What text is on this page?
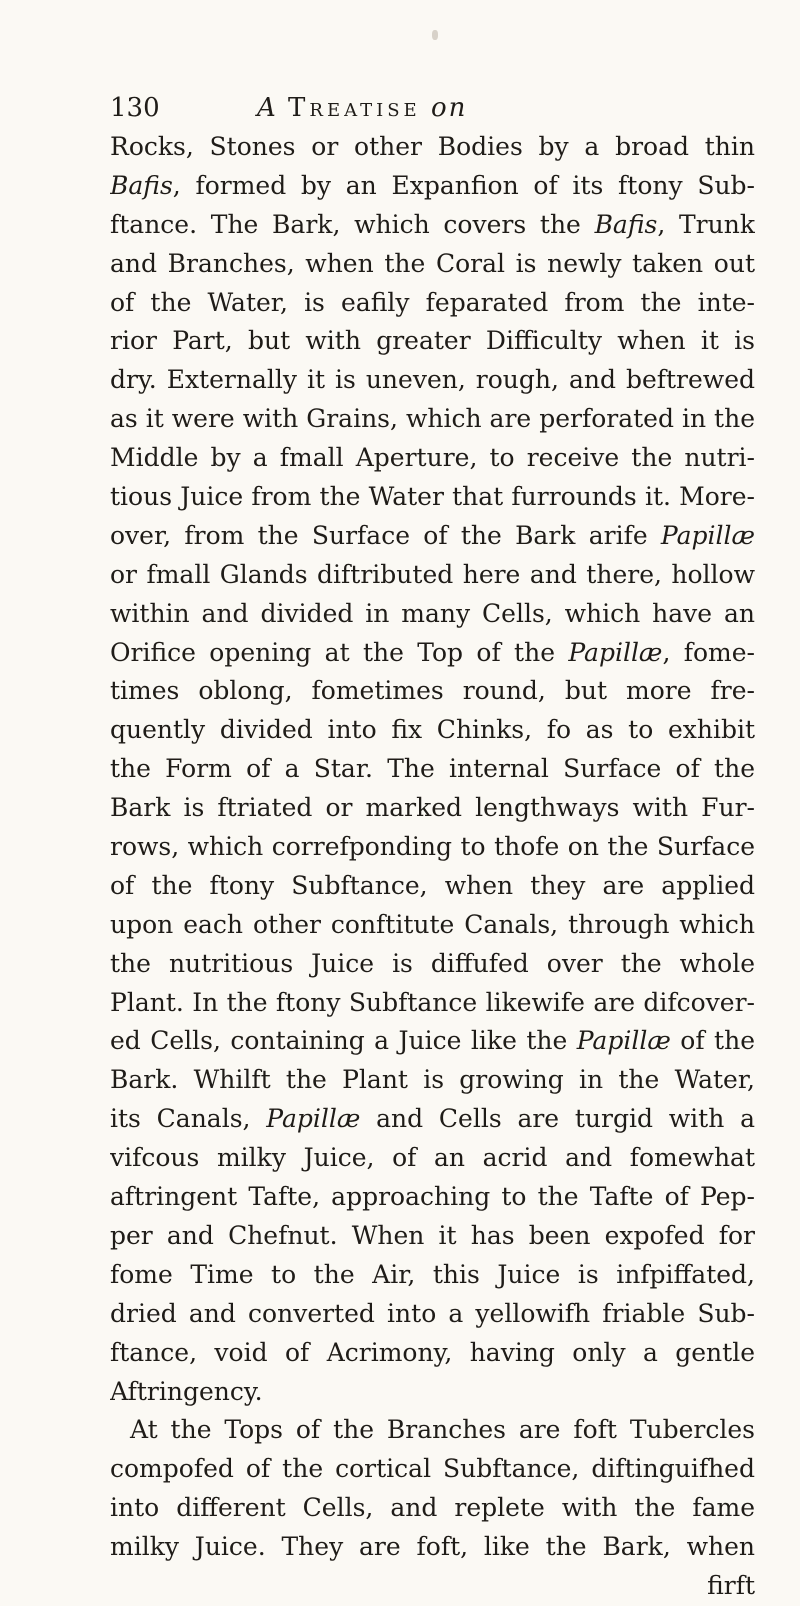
130	A Treatise on
Rocks, Stones or other Bodies by a broad thin
Bafis, formed by an Expanfion of its ftony Sub-
ftance. The Bark, which covers the Bafis, Trunk
and Branches, when the Coral is newly taken out
of the Water, is eafily feparated from the inte-
rior Part, but with greater Difficulty when it is
dry. Externally it is uneven, rough, and beftrewed
as it were with Grains, which are perforated in the
Middle by a fmall Aperture, to receive the nutri-
tious Juice from the Water that furrounds it. More-
over, from the Surface of the Bark arife Papillæ
or fmall Glands diftributed here and there, hollow
within and divided in many Cells, which have an
Orifice opening at the Top of the Papillæ, fome-
times oblong, fometimes round, but more fre-
quently divided into fix Chinks, fo as to exhibit
the Form of a Star. The internal Surface of the
Bark is ftriated or marked lengthways with Fur-
rows, which correfponding to thofe on the Surface
of the ftony Subftance, when they are applied
upon each other conftitute Canals, through which
the nutritious Juice is diffufed over the whole
Plant. In the ftony Subftance likewife are difcover-
ed Cells, containing a Juice like the Papillæ of the
Bark. Whilft the Plant is growing in the Water,
its Canals, Papillæ and Cells are turgid with a
vifcous milky Juice, of an acrid and fomewhat
aftringent Tafte, approaching to the Tafte of Pep-
per and Chefnut. When it has been expofed for
fome Time to the Air, this Juice is infpiffated,
dried and converted into a yellowifh friable Sub-
ftance, void of Acrimony, having only a gentle
Aftringency.
At the Tops of the Branches are foft Tubercles
compofed of the cortical Subftance, diftinguifhed
into different Cells, and replete with the fame
milky Juice. They are foft, like the Bark, when
firft
